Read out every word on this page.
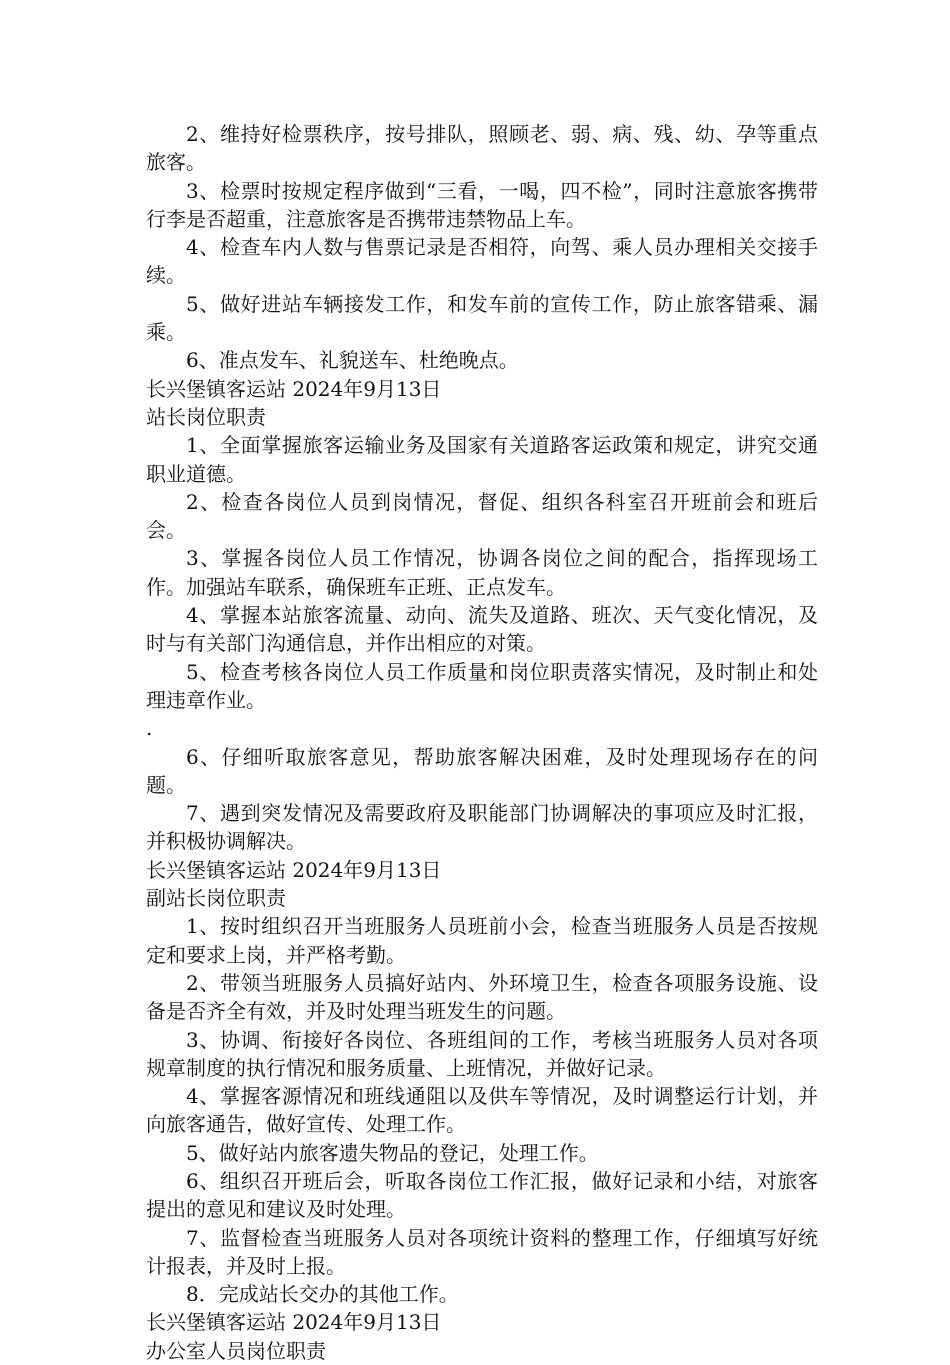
2、维持好检票秩序，按号排队，照顾老、弱、病、残、幼、孕等重点旅客。

3、检票时按规定程序做到“三看，一喝，四不检”，同时注意旅客携带行李是否超重，注意旅客是否携带违禁物品上车。

4、检查车内人数与售票记录是否相符，向驾、乘人员办理相关交接手续。

5、做好进站车辆接发工作，和发车前的宣传工作，防止旅客错乘、漏乘。

6、准点发车、礼貌送车、杜绝晚点。

长兴堡镇客运站 2024年9月13日

站长岗位职责

1、全面掌握旅客运输业务及国家有关道路客运政策和规定，讲究交通职业道德。

2、检查各岗位人员到岗情况，督促、组织各科室召开班前会和班后会。

3、掌握各岗位人员工作情况，协调各岗位之间的配合，指挥现场工作。加强站车联系，确保班车正班、正点发车。

4、掌握本站旅客流量、动向、流失及道路、班次、天气变化情况，及时与有关部门沟通信息，并作出相应的对策。

5、检查考核各岗位人员工作质量和岗位职责落实情况，及时制止和处理违章作业。

.

6、仔细听取旅客意见，帮助旅客解决困难，及时处理现场存在的问题。

7、遇到突发情况及需要政府及职能部门协调解决的事项应及时汇报，并积极协调解决。

长兴堡镇客运站 2024年9月13日

副站长岗位职责

1、按时组织召开当班服务人员班前小会，检查当班服务人员是否按规定和要求上岗，并严格考勤。

2、带领当班服务人员搞好站内、外环境卫生，检查各项服务设施、设备是否齐全有效，并及时处理当班发生的问题。

3、协调、衔接好各岗位、各班组间的工作，考核当班服务人员对各项规章制度的执行情况和服务质量、上班情况，并做好记录。

4、掌握客源情况和班线通阻以及供车等情况，及时调整运行计划，并向旅客通告，做好宣传、处理工作。

5、做好站内旅客遗失物品的登记，处理工作。

6、组织召开班后会，听取各岗位工作汇报，做好记录和小结，对旅客提出的意见和建议及时处理。

7、监督检查当班服务人员对各项统计资料的整理工作，仔细填写好统计报表，并及时上报。

8．完成站长交办的其他工作。

长兴堡镇客运站 2024年9月13日

办公室人员岗位职责
